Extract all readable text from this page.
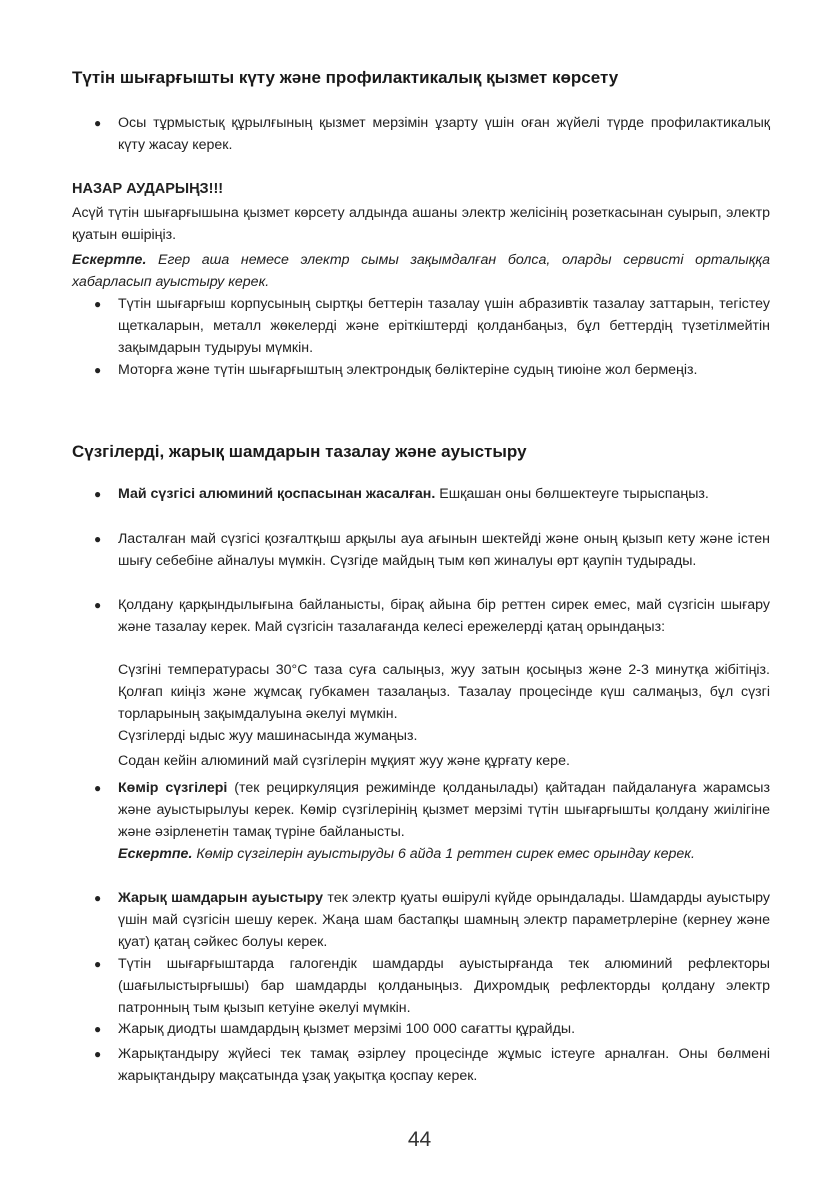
Түтін шығарғышты күту және профилактикалық қызмет көрсету
● Осы тұрмыстық құрылғының қызмет мерзімін ұзарту үшін оған жүйелі түрде профилактикалық күту жасау керек.

НАЗАР АУДАРЫҢЗ!!!

Асүй түтін шығарғышына қызмет көрсету алдында ашаны электр желісінің розеткасынан суырып, электр қуатын өшіріңіз.

Ескертпе. Егер аша немесе электр сымы зақымдалған болса, оларды сервисті орталыққа хабарласып ауыстыру керек.

● Түтін шығарғыш корпусының сыртқы беттерін тазалау үшін абразивтік тазалау заттарын, тегістеу щеткаларын, металл жөкелерді және еріткіштерді қолданбаңыз, бұл беттердің түзетілмейтін зақымдарын тудыруы мүмкін.

● Моторға және түтін шығарғыштың электрондық бөліктеріне судың тиюіне жол бермеңіз.

Сүзгілерді, жарық шамдарын тазалау және ауыстыру
● Май сүзгісі алюминий қоспасынан жасалған. Ешқашан оны бөлшектеуге тырыспаңыз.

● Ласталған май сүзгісі қозғалтқыш арқылы ауа ағынын шектейді және оның қызып кету және істен шығу себебіне айналуы мүмкін. Сүзгіде майдың тым көп жиналуы өрт қаупін тудырады.

● Қолдану қарқындылығына байланысты, бірақ айына бір реттен сирек емес, май сүзгісін шығару және тазалау керек. Май сүзгісін тазалағанда келесі ережелерді қатаң орындаңыз:

Сүзгіні температурасы 30°C таза суға салыңыз, жуу затын қосыңыз және 2-3 минутқа жібітіңіз. Қолғап киіңіз және жұмсақ губкамен тазалаңыз. Тазалау процесінде күш салмаңыз, бұл сүзгі торларының зақымдалуына әкелуі мүмкін.

Сүзгілерді ыдыс жуу машинасында жумаңыз.

Содан кейін алюминий май сүзгілерін мұқият жуу және құрғату кере.

● Көмір сүзгілері (тек рециркуляция режимінде қолданылады) қайтадан пайдалануға жарамсыз және ауыстырылуы керек. Көмір сүзгілерінің қызмет мерзімі түтін шығарғышты қолдану жиілігіне және әзірленетін тамақ түріне байланысты.

Ескертпе. Көмір сүзгілерін ауыстыруды 6 айда 1 реттен сирек емес орындау керек.

● Жарық шамдарын ауыстыру тек электр қуаты өшірулі күйде орындалады. Шамдарды ауыстыру үшін май сүзгісін шешу керек. Жаңа шам бастапқы шамның электр параметрлеріне (кернеу және қуат) қатаң сәйкес болуы керек.

● Түтін шығарғыштарда галогендік шамдарды ауыстырғанда тек алюминий рефлекторы (шағылыстырғышы) бар шамдарды қолданыңыз. Дихромдық рефлекторды қолдану электр патронның тым қызып кетуіне әкелуі мүмкін.

● Жарық диодты шамдардың қызмет мерзімі 100 000 сағатты құрайды.

● Жарықтандыру жүйесі тек тамақ әзірлеу процесінде жұмыс істеуге арналған. Оны бөлмені жарықтандыру мақсатында ұзақ уақытқа қоспау керек.

44
